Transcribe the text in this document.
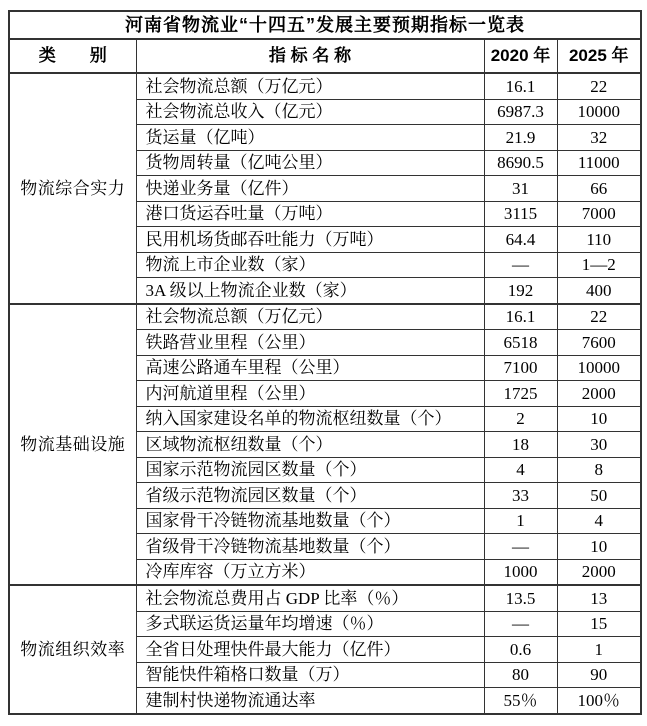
河南省物流业“十四五”发展主要预期指标一览表			
类　　别	指 标 名 称	2020 年	2025 年
物流综合实力	社会物流总额（万亿元）	16.1	22
	社会物流总收入（亿元）	6987.3	10000
	货运量（亿吨）	21.9	32
	货物周转量（亿吨公里）	8690.5	11000
	快递业务量（亿件）	31	66
	港口货运吞吐量（万吨）	3115	7000
	民用机场货邮吞吐能力（万吨）	64.4	110
	物流上市企业数（家）	—	1—2
	3A 级以上物流企业数（家）	192	400
物流基础设施	社会物流总额（万亿元）	16.1	22
	铁路营业里程（公里）	6518	7600
	高速公路通车里程（公里）	7100	10000
	内河航道里程（公里）	1725	2000
	纳入国家建设名单的物流枢纽数量（个）	2	10
	区域物流枢纽数量（个）	18	30
	国家示范物流园区数量（个）	4	8
	省级示范物流园区数量（个）	33	50
	国家骨干冷链物流基地数量（个）	1	4
	省级骨干冷链物流基地数量（个）	—	10
	冷库库容（万立方米）	1000	2000
物流组织效率	社会物流总费用占 GDP 比率（％）	13.5	13
	多式联运货运量年均增速（％）	—	15
	全省日处理快件最大能力（亿件）	0.6	1
	智能快件箱格口数量（万）	80	90
	建制村快递物流通达率	55％	100％
